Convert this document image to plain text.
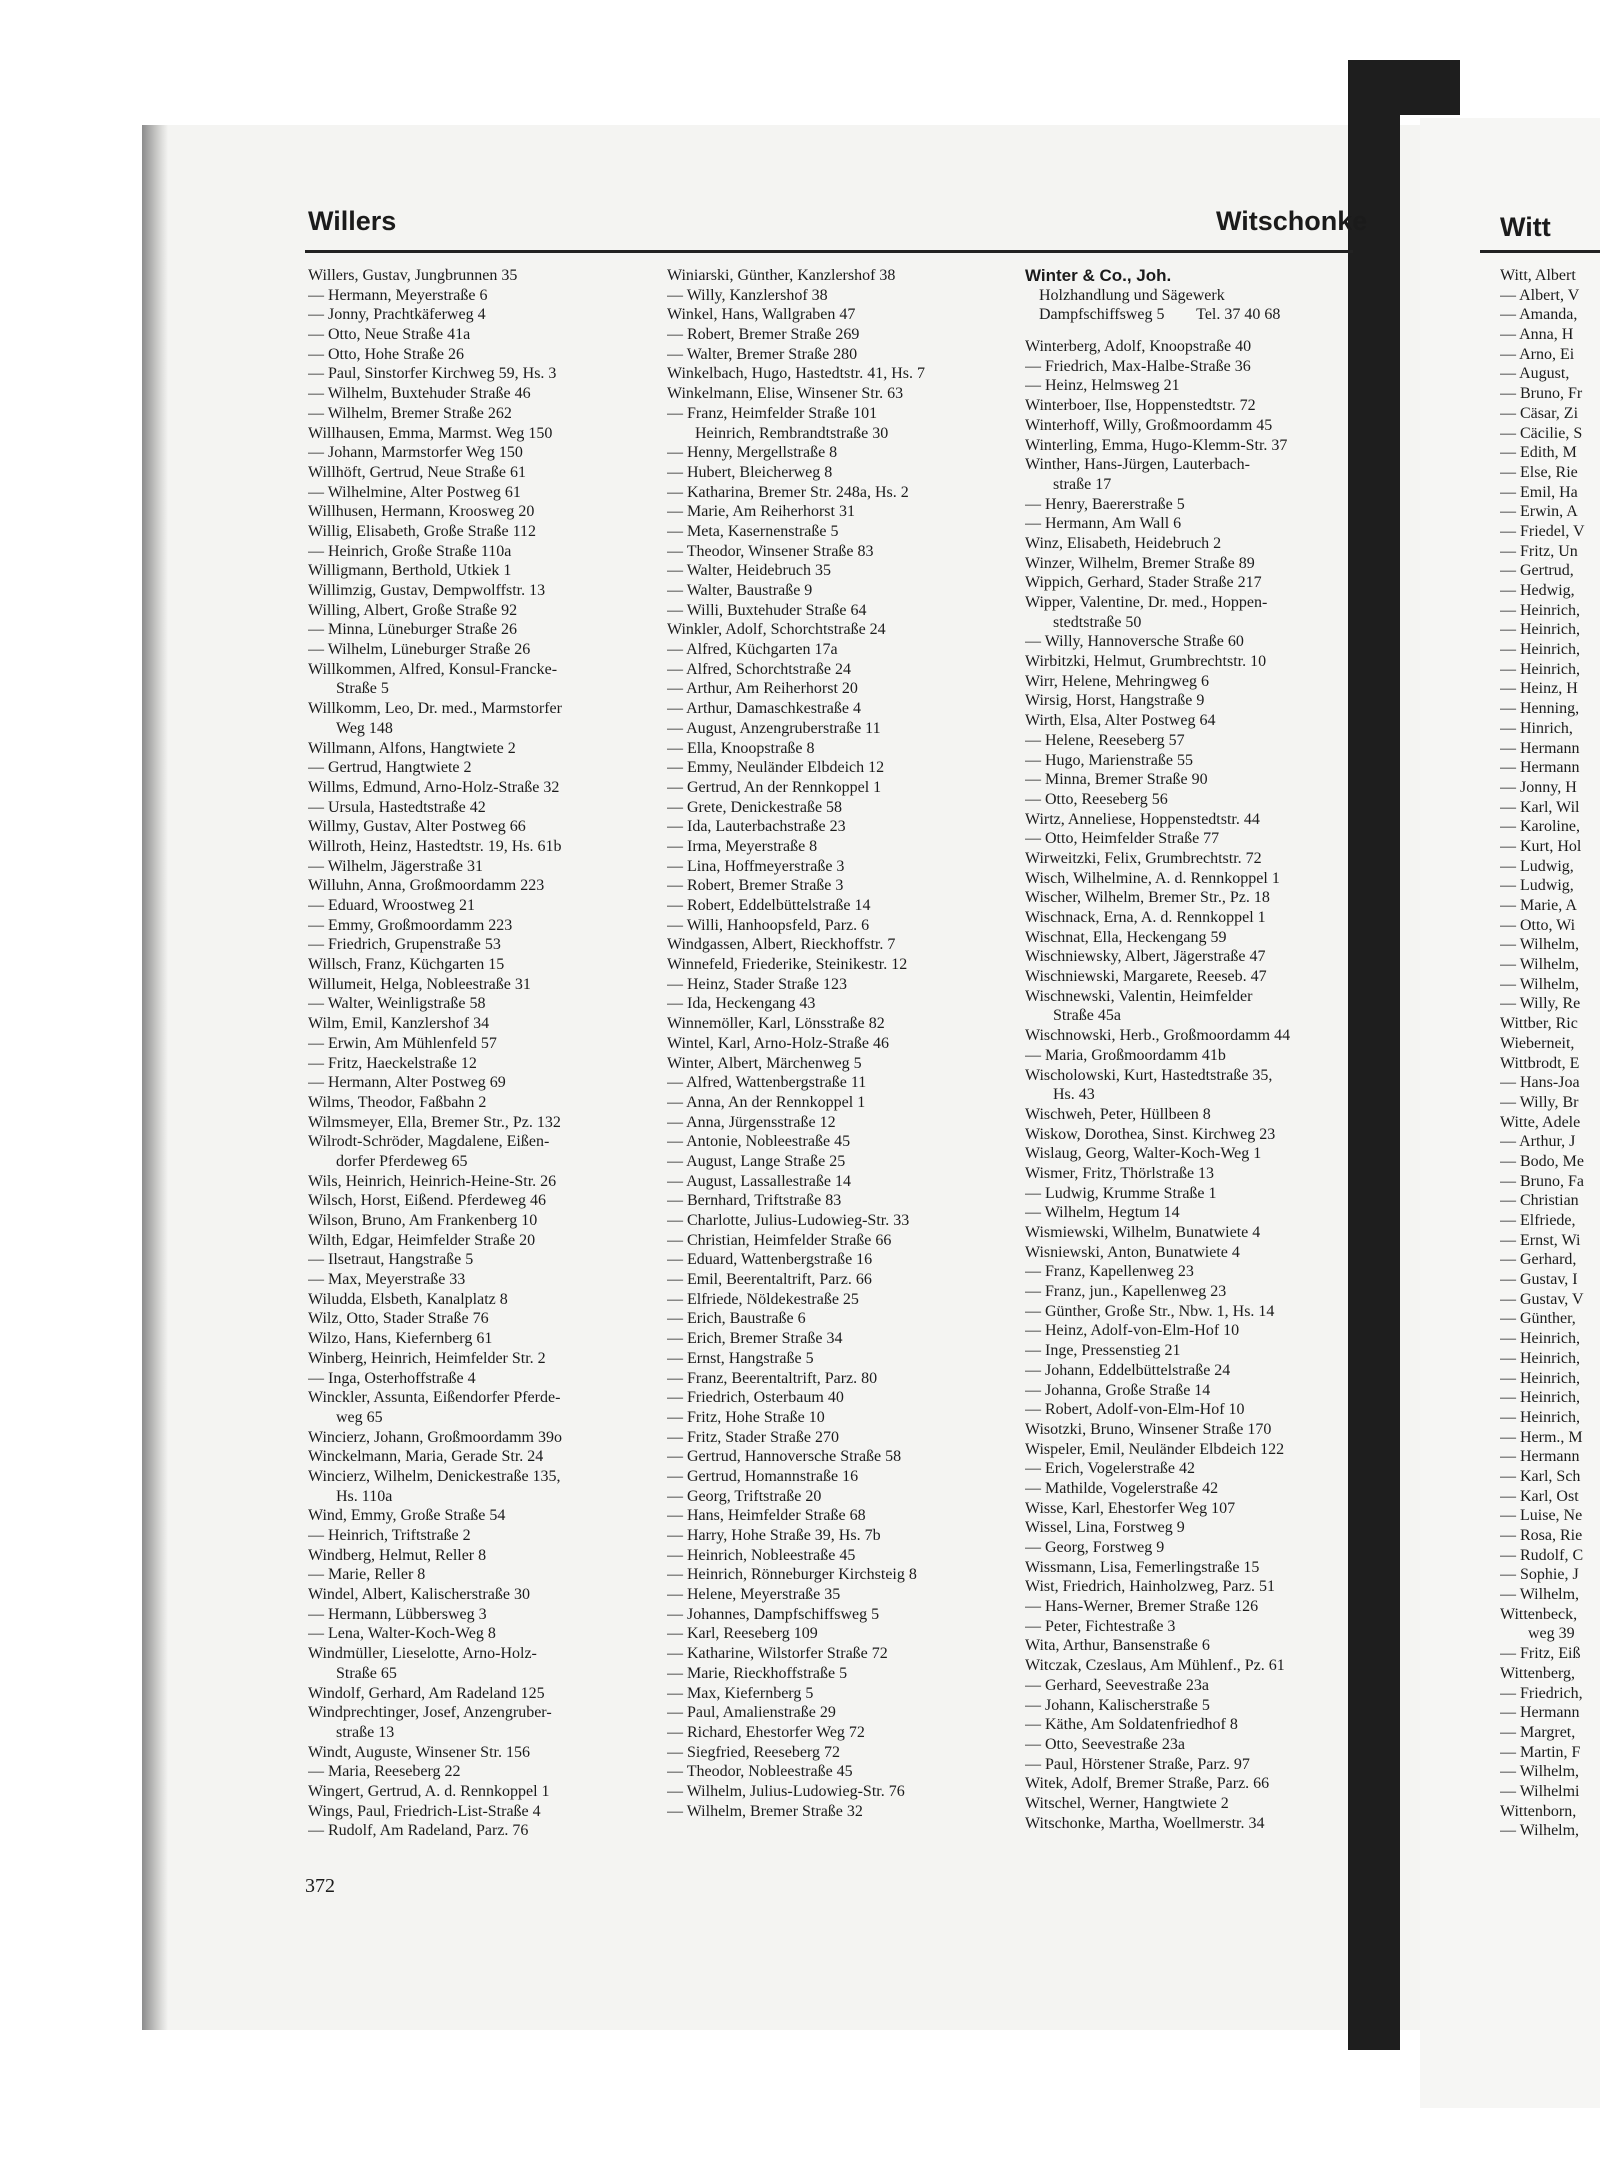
Willers	Witschonke	Witt
Willers, Gustav, Jungbrunnen 35
— Hermann, Meyerstraße 6
— Jonny, Prachtkäferweg 4
— Otto, Neue Straße 41a
— Otto, Hohe Straße 26
— Paul, Sinstorfer Kirchweg 59, Hs. 3
— Wilhelm, Buxtehuder Straße 46
— Wilhelm, Bremer Straße 262
Willhausen, Emma, Marmst. Weg 150
— Johann, Marmstorfer Weg 150
Willhöft, Gertrud, Neue Straße 61
— Wilhelmine, Alter Postweg 61
Willhusen, Hermann, Kroosweg 20
Willig, Elisabeth, Große Straße 112
— Heinrich, Große Straße 110a
Willigmann, Berthold, Utkiek 1
Willimzig, Gustav, Dempwolffstr. 13
Willing, Albert, Große Straße 92
— Minna, Lüneburger Straße 26
— Wilhelm, Lüneburger Straße 26
Willkommen, Alfred, Konsul-Francke-
Straße 5
Willkomm, Leo, Dr. med., Marmstorfer
Weg 148
Willmann, Alfons, Hangtwiete 2
— Gertrud, Hangtwiete 2
Willms, Edmund, Arno-Holz-Straße 32
— Ursula, Hastedtstraße 42
Willmy, Gustav, Alter Postweg 66
Willroth, Heinz, Hastedtstr. 19, Hs. 61b
— Wilhelm, Jägerstraße 31
Willuhn, Anna, Großmoordamm 223
— Eduard, Wroostweg 21
— Emmy, Großmoordamm 223
— Friedrich, Grupenstraße 53
Willsch, Franz, Küchgarten 15
Willumeit, Helga, Nobleestraße 31
— Walter, Weinligstraße 58
Wilm, Emil, Kanzlershof 34
— Erwin, Am Mühlenfeld 57
— Fritz, Haeckelstraße 12
— Hermann, Alter Postweg 69
Wilms, Theodor, Faßbahn 2
Wilmsmeyer, Ella, Bremer Str., Pz. 132
Wilrodt-Schröder, Magdalene, Eißen-
dorfer Pferdeweg 65
Wils, Heinrich, Heinrich-Heine-Str. 26
Wilsch, Horst, Eißend. Pferdeweg 46
Wilson, Bruno, Am Frankenberg 10
Wilth, Edgar, Heimfelder Straße 20
— Ilsetraut, Hangstraße 5
— Max, Meyerstraße 33
Wiludda, Elsbeth, Kanalplatz 8
Wilz, Otto, Stader Straße 76
Wilzo, Hans, Kiefernberg 61
Winberg, Heinrich, Heimfelder Str. 2
— Inga, Osterhoffstraße 4
Winckler, Assunta, Eißendorfer Pferde-
weg 65
Wincierz, Johann, Großmoordamm 39o
Winckelmann, Maria, Gerade Str. 24
Wincierz, Wilhelm, Denickestraße 135,
Hs. 110a
Wind, Emmy, Große Straße 54
— Heinrich, Triftstraße 2
Windberg, Helmut, Reller 8
— Marie, Reller 8
Windel, Albert, Kalischerstraße 30
— Hermann, Lübbersweg 3
— Lena, Walter-Koch-Weg 8
Windmüller, Lieselotte, Arno-Holz-
Straße 65
Windolf, Gerhard, Am Radeland 125
Windprechtinger, Josef, Anzengruber-
straße 13
Windt, Auguste, Winsener Str. 156
— Maria, Reeseberg 22
Wingert, Gertrud, A. d. Rennkoppel 1
Wings, Paul, Friedrich-List-Straße 4
— Rudolf, Am Radeland, Parz. 76
Winiarski, Günther, Kanzlershof 38
— Willy, Kanzlershof 38
Winkel, Hans, Wallgraben 47
— Robert, Bremer Straße 269
— Walter, Bremer Straße 280
Winkelbach, Hugo, Hastedtstr. 41, Hs. 7
Winkelmann, Elise, Winsener Str. 63
— Franz, Heimfelder Straße 101
Heinrich, Rembrandtstraße 30
— Henny, Mergellstraße 8
— Hubert, Bleicherweg 8
— Katharina, Bremer Str. 248a, Hs. 2
— Marie, Am Reiherhorst 31
— Meta, Kasernenstraße 5
— Theodor, Winsener Straße 83
— Walter, Heidebruch 35
— Walter, Baustraße 9
— Willi, Buxtehuder Straße 64
Winkler, Adolf, Schorchtstraße 24
— Alfred, Küchgarten 17a
— Alfred, Schorchtstraße 24
— Arthur, Am Reiherhorst 20
— Arthur, Damaschkestraße 4
— August, Anzengruberstraße 11
— Ella, Knoopstraße 8
— Emmy, Neuländer Elbdeich 12
— Gertrud, An der Rennkoppel 1
— Grete, Denickestraße 58
— Ida, Lauterbachstraße 23
— Irma, Meyerstraße 8
— Lina, Hoffmeyerstraße 3
— Robert, Bremer Straße 3
— Robert, Eddelbüttelstraße 14
— Willi, Hanhoopsfeld, Parz. 6
Windgassen, Albert, Rieckhoffstr. 7
Winnefeld, Friederike, Steinikestr. 12
— Heinz, Stader Straße 123
— Ida, Heckengang 43
Winnemöller, Karl, Lönsstraße 82
Wintel, Karl, Arno-Holz-Straße 46
Winter, Albert, Märchenweg 5
— Alfred, Wattenbergstraße 11
— Anna, An der Rennkoppel 1
— Anna, Jürgensstraße 12
— Antonie, Nobleestraße 45
— August, Lange Straße 25
— August, Lassallestraße 14
— Bernhard, Triftstraße 83
— Charlotte, Julius-Ludowieg-Str. 33
— Christian, Heimfelder Straße 66
— Eduard, Wattenbergstraße 16
— Emil, Beerentaltrift, Parz. 66
— Elfriede, Nöldekestraße 25
— Erich, Baustraße 6
— Erich, Bremer Straße 34
— Ernst, Hangstraße 5
— Franz, Beerentaltrift, Parz. 80
— Friedrich, Osterbaum 40
— Fritz, Hohe Straße 10
— Fritz, Stader Straße 270
— Gertrud, Hannoversche Straße 58
— Gertrud, Homannstraße 16
— Georg, Triftstraße 20
— Hans, Heimfelder Straße 68
— Harry, Hohe Straße 39, Hs. 7b
— Heinrich, Nobleestraße 45
— Heinrich, Rönneburger Kirchsteig 8
— Helene, Meyerstraße 35
— Johannes, Dampfschiffsweg 5
— Karl, Reeseberg 109
— Katharine, Wilstorfer Straße 72
— Marie, Rieckhoffstraße 5
— Max, Kiefernberg 5
— Paul, Amalienstraße 29
— Richard, Ehestorfer Weg 72
— Siegfried, Reeseberg 72
— Theodor, Nobleestraße 45
— Wilhelm, Julius-Ludowieg-Str. 76
— Wilhelm, Bremer Straße 32
Winter & Co., Joh.
Holzhandlung und Sägewerk
Dampfschiffsweg 5        Tel. 37 40 68
Winterberg, Adolf, Knoopstraße 40
— Friedrich, Max-Halbe-Straße 36
— Heinz, Helmsweg 21
Winterboer, Ilse, Hoppenstedtstr. 72
Winterhoff, Willy, Großmoordamm 45
Winterling, Emma, Hugo-Klemm-Str. 37
Winther, Hans-Jürgen, Lauterbach-
straße 17
— Henry, Baererstraße 5
— Hermann, Am Wall 6
Winz, Elisabeth, Heidebruch 2
Winzer, Wilhelm, Bremer Straße 89
Wippich, Gerhard, Stader Straße 217
Wipper, Valentine, Dr. med., Hoppen-
stedtstraße 50
— Willy, Hannoversche Straße 60
Wirbitzki, Helmut, Grumbrechtstr. 10
Wirr, Helene, Mehringweg 6
Wirsig, Horst, Hangstraße 9
Wirth, Elsa, Alter Postweg 64
— Helene, Reeseberg 57
— Hugo, Marienstraße 55
— Minna, Bremer Straße 90
— Otto, Reeseberg 56
Wirtz, Anneliese, Hoppenstedtstr. 44
— Otto, Heimfelder Straße 77
Wirweitzki, Felix, Grumbrechtstr. 72
Wisch, Wilhelmine, A. d. Rennkoppel 1
Wischer, Wilhelm, Bremer Str., Pz. 18
Wischnack, Erna, A. d. Rennkoppel 1
Wischnat, Ella, Heckengang 59
Wischniewsky, Albert, Jägerstraße 47
Wischniewski, Margarete, Reeseb. 47
Wischnewski, Valentin, Heimfelder
Straße 45a
Wischnowski, Herb., Großmoordamm 44
— Maria, Großmoordamm 41b
Wischolowski, Kurt, Hastedtstraße 35,
Hs. 43
Wischweh, Peter, Hüllbeen 8
Wiskow, Dorothea, Sinst. Kirchweg 23
Wislaug, Georg, Walter-Koch-Weg 1
Wismer, Fritz, Thörlstraße 13
— Ludwig, Krumme Straße 1
— Wilhelm, Hegtum 14
Wismiewski, Wilhelm, Bunatwiete 4
Wisniewski, Anton, Bunatwiete 4
— Franz, Kapellenweg 23
— Franz, jun., Kapellenweg 23
— Günther, Große Str., Nbw. 1, Hs. 14
— Heinz, Adolf-von-Elm-Hof 10
— Inge, Pressenstieg 21
— Johann, Eddelbüttelstraße 24
— Johanna, Große Straße 14
— Robert, Adolf-von-Elm-Hof 10
Wisotzki, Bruno, Winsener Straße 170
Wispeler, Emil, Neuländer Elbdeich 122
— Erich, Vogelerstraße 42
— Mathilde, Vogelerstraße 42
Wisse, Karl, Ehestorfer Weg 107
Wissel, Lina, Forstweg 9
— Georg, Forstweg 9
Wissmann, Lisa, Femerlingstraße 15
Wist, Friedrich, Hainholzweg, Parz. 51
— Hans-Werner, Bremer Straße 126
— Peter, Fichtestraße 3
Wita, Arthur, Bansenstraße 6
Witczak, Czeslaus, Am Mühlenf., Pz. 61
— Gerhard, Seevestraße 23a
— Johann, Kalischerstraße 5
— Käthe, Am Soldatenfriedhof 8
— Otto, Seevestraße 23a
— Paul, Hörstener Straße, Parz. 97
Witek, Adolf, Bremer Straße, Parz. 66
Witschel, Werner, Hangtwiete 2
Witschonke, Martha, Woellmerstr. 34
Witt, Albert
— Albert, V
— Amanda,
— Anna, H
— Arno, Ei
— August,
— Bruno, Fr
— Cäsar, Zi
— Cäcilie, S
— Edith, M
— Else, Rie
— Emil, Ha
— Erwin, A
— Friedel, V
— Fritz, Un
— Gertrud,
— Hedwig,
— Heinrich,
— Heinrich,
— Heinrich,
— Heinrich,
— Heinz, H
— Henning,
— Hinrich,
— Hermann
— Hermann
— Jonny, H
— Karl, Wil
— Karoline,
— Kurt, Hol
— Ludwig,
— Ludwig,
— Marie, A
— Otto, Wi
— Wilhelm,
— Wilhelm,
— Wilhelm,
— Willy, Re
Wittber, Ric
Wieberneit,
Wittbrodt, E
— Hans-Joa
— Willy, Br
Witte, Adele
— Arthur, J
— Bodo, Me
— Bruno, Fa
— Christian
— Elfriede,
— Ernst, Wi
— Gerhard,
— Gustav, I
— Gustav, V
— Günther,
— Heinrich,
— Heinrich,
— Heinrich,
— Heinrich,
— Heinrich,
— Herm., M
— Hermann
— Karl, Sch
— Karl, Ost
— Luise, Ne
— Rosa, Rie
— Rudolf, C
— Sophie, J
— Wilhelm,
Wittenbeck,
weg 39
— Fritz, Eiß
Wittenberg,
— Friedrich,
— Hermann
— Margret,
— Martin, F
— Wilhelm,
— Wilhelmi
Wittenborn,
— Wilhelm,
372
